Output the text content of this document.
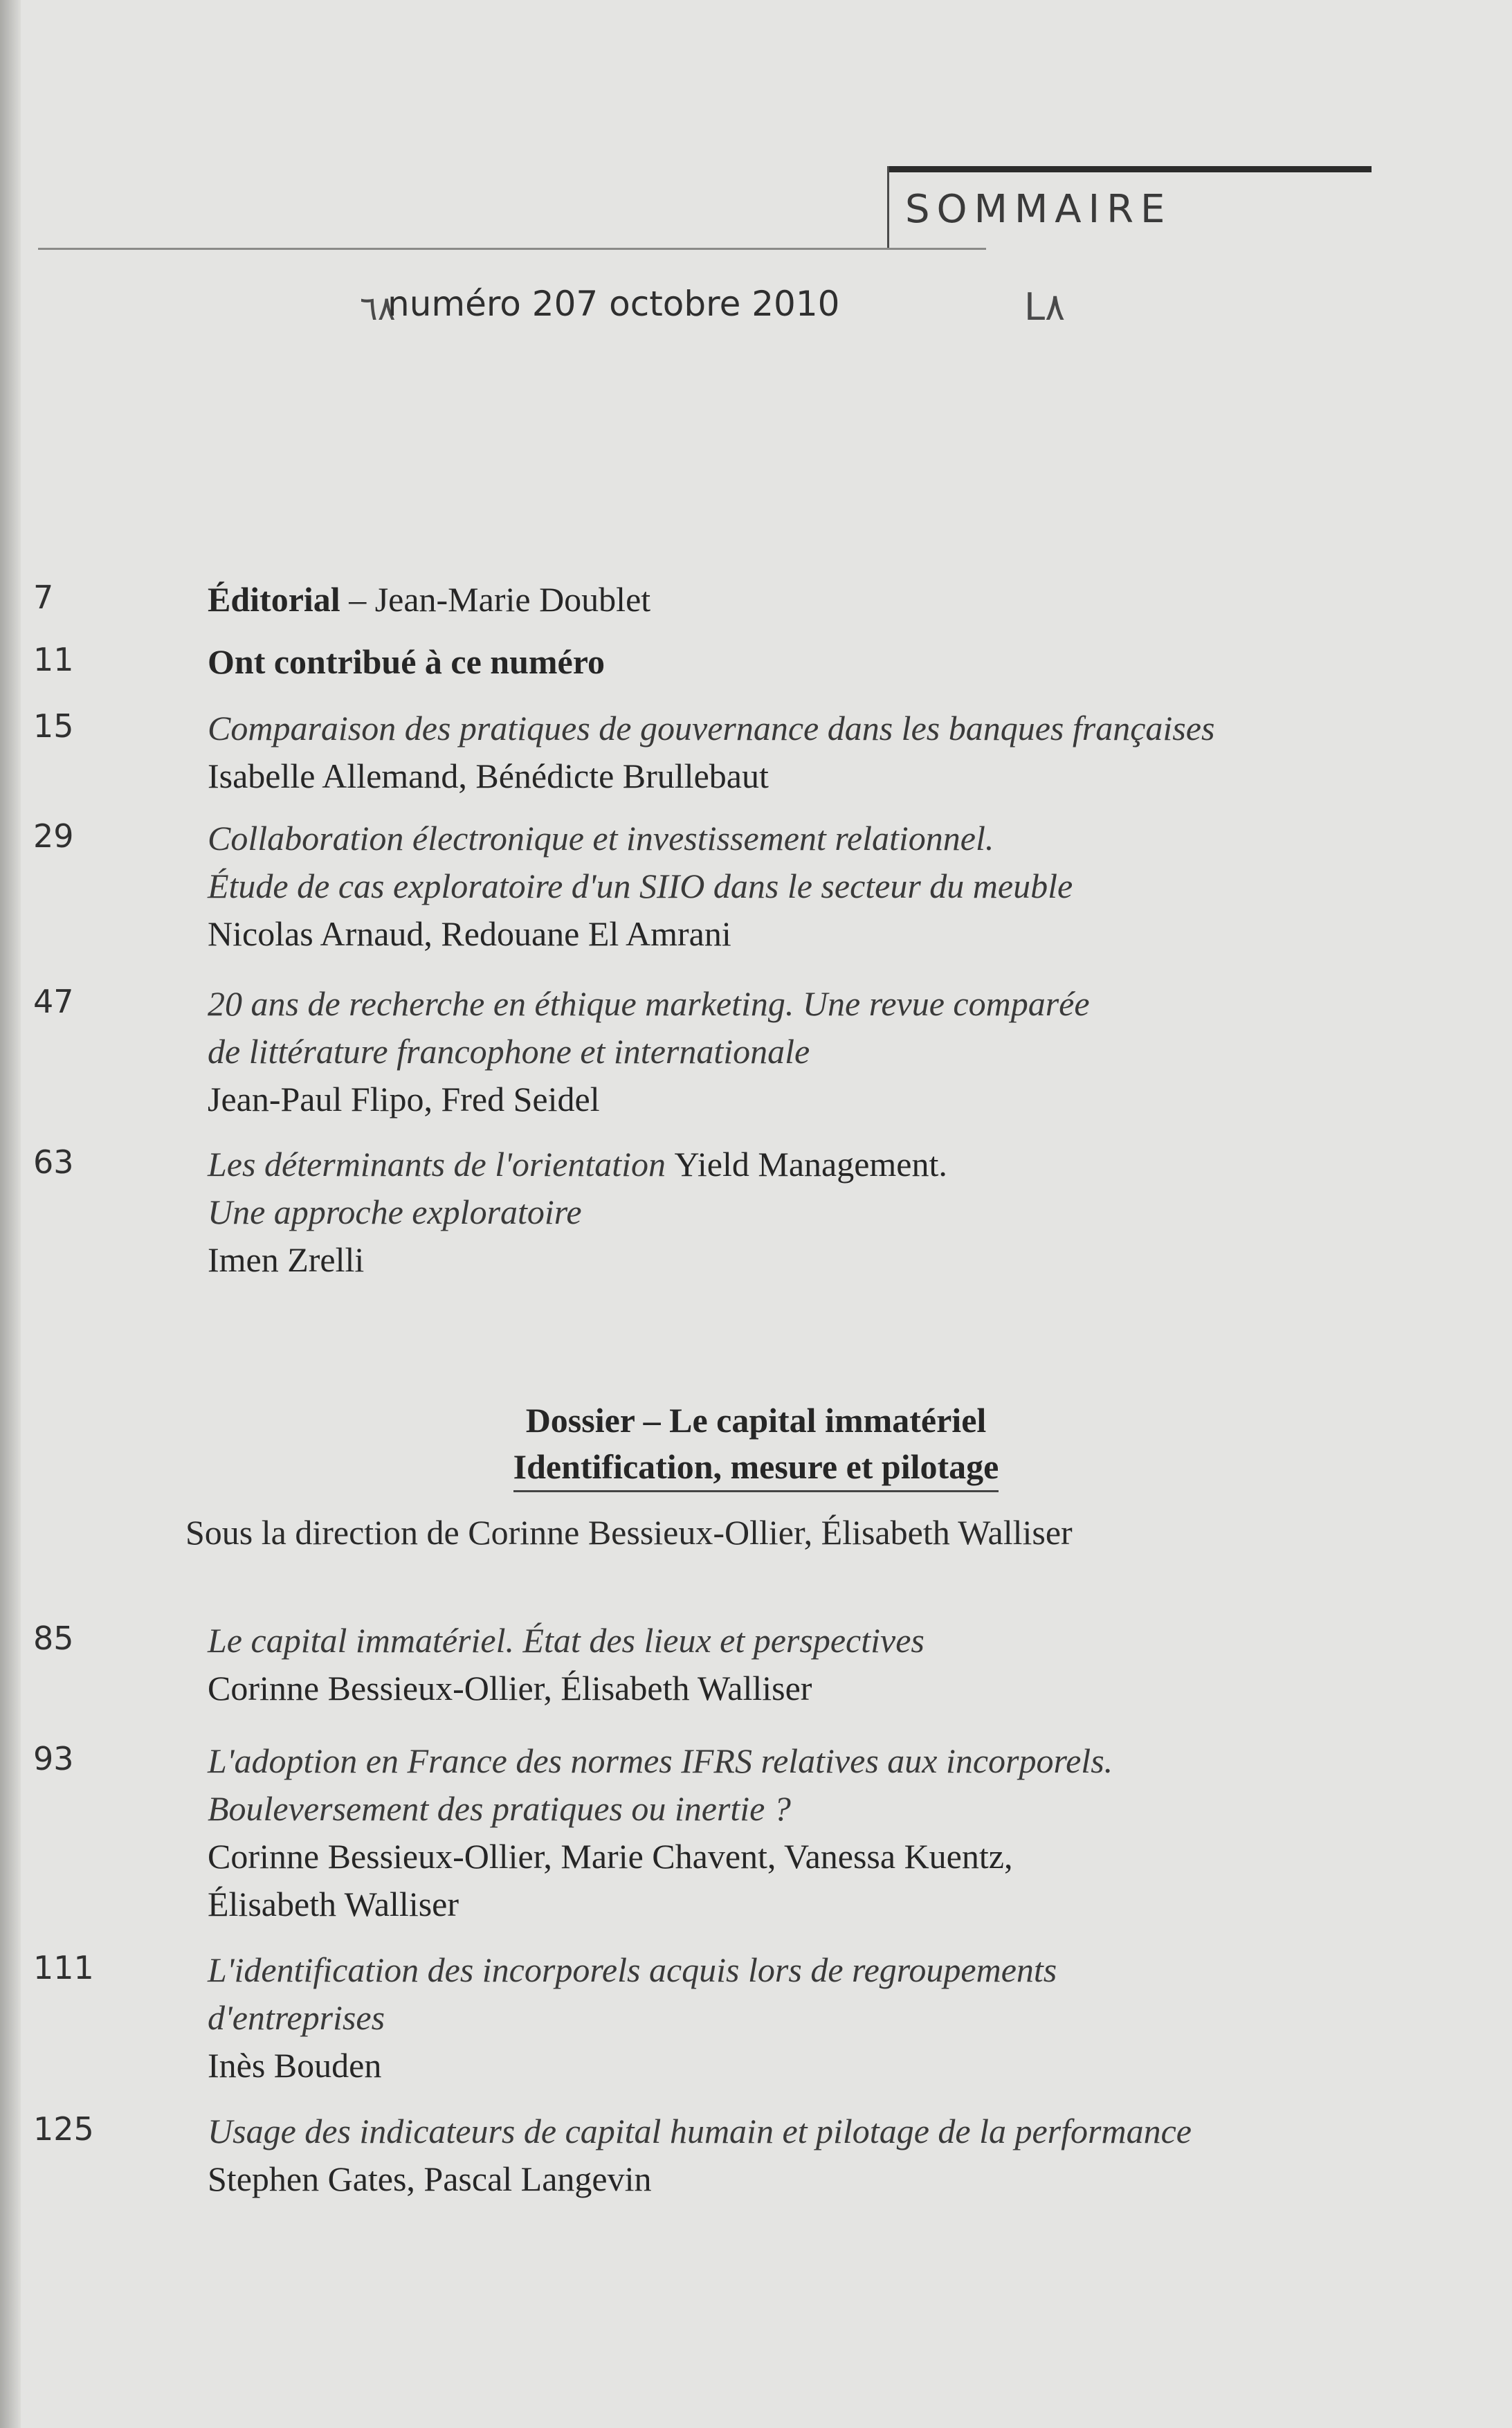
SOMMAIRE
٦٨
numéro 207 octobre 2010	L٨
7	Éditorial – Jean-Marie Doublet
11	Ont contribué à ce numéro
15	Comparaison des pratiques de gouvernance dans les banques françaises
Isabelle Allemand, Bénédicte Brullebaut
29	Collaboration électronique et investissement relationnel.
Étude de cas exploratoire d'un SIIO dans le secteur du meuble
Nicolas Arnaud, Redouane El Amrani
47	20 ans de recherche en éthique marketing. Une revue comparée
de littérature francophone et internationale
Jean-Paul Flipo, Fred Seidel
63	Les déterminants de l'orientation Yield Management.
Une approche exploratoire
Imen Zrelli
Dossier – Le capital immatériel
Identification, mesure et pilotage
Sous la direction de Corinne Bessieux-Ollier, Élisabeth Walliser
85	Le capital immatériel. État des lieux et perspectives
Corinne Bessieux-Ollier, Élisabeth Walliser
93	L'adoption en France des normes IFRS relatives aux incorporels.
Bouleversement des pratiques ou inertie ?
Corinne Bessieux-Ollier, Marie Chavent, Vanessa Kuentz,
Élisabeth Walliser
111	L'identification des incorporels acquis lors de regroupements
d'entreprises
Inès Bouden
125	Usage des indicateurs de capital humain et pilotage de la performance
Stephen Gates, Pascal Langevin
